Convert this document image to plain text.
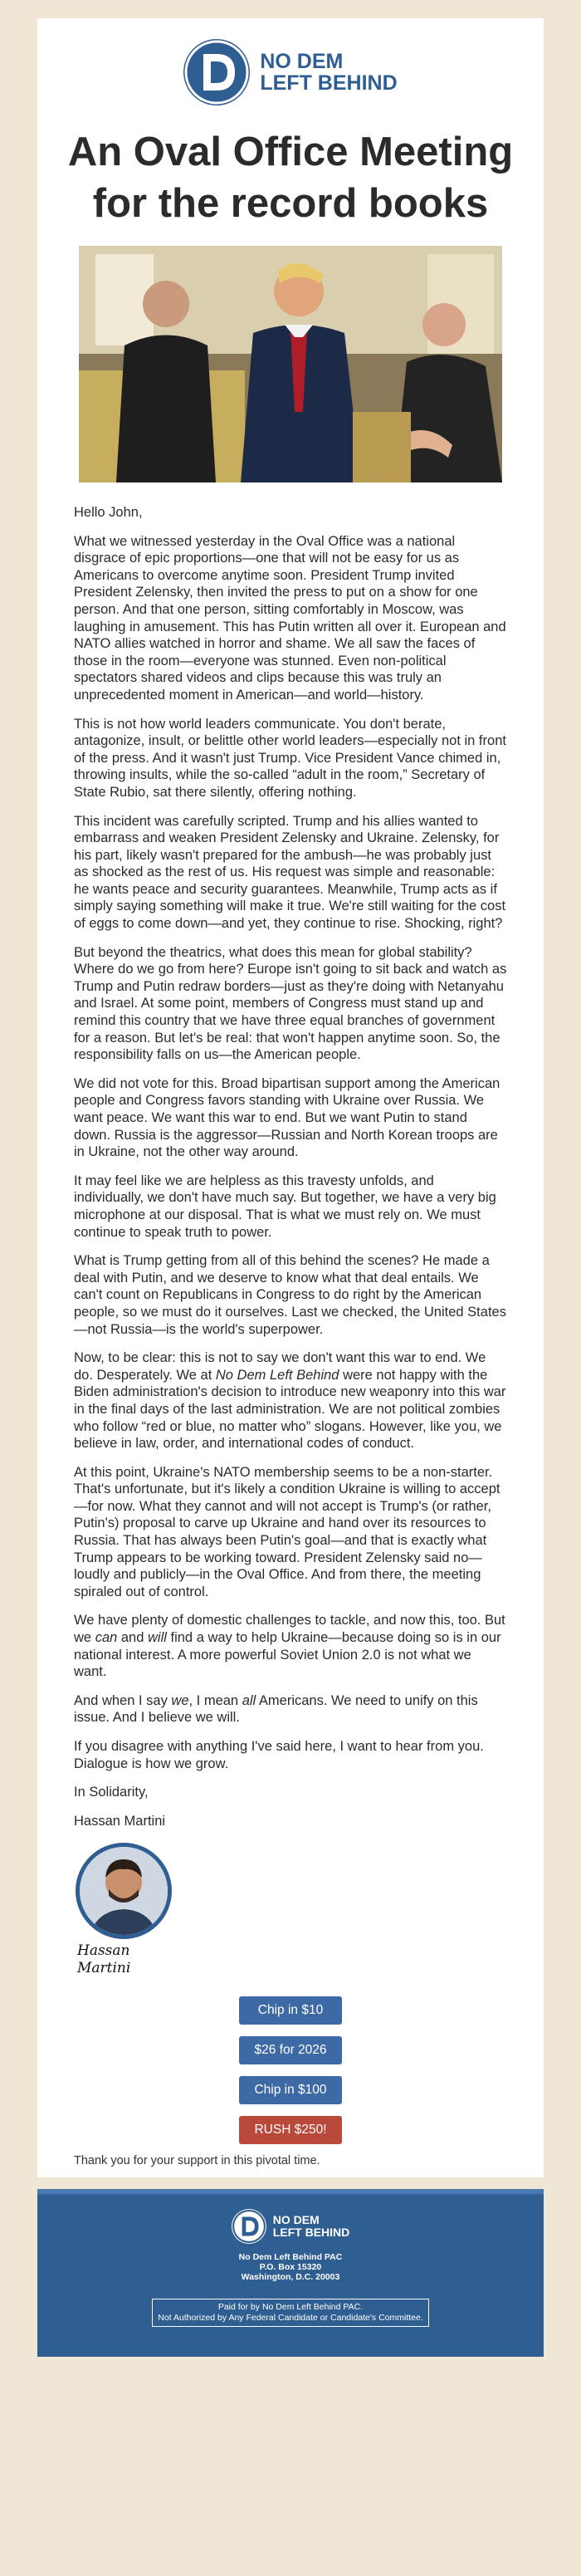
NO DEM
LEFT BEHIND
An Oval Office Meeting for the record books

Hello John,

What we witnessed yesterday in the Oval Office was a national disgrace of epic proportions—one that will not be easy for us as Americans to overcome anytime soon. President Trump invited President Zelensky, then invited the press to put on a show for one person. And that one person, sitting comfortably in Moscow, was laughing in amusement. This has Putin written all over it. European and NATO allies watched in horror and shame. We all saw the faces of those in the room—everyone was stunned. Even non-political spectators shared videos and clips because this was truly an unprecedented moment in American—and world—history.

This is not how world leaders communicate. You don't berate, antagonize, insult, or belittle other world leaders—especially not in front of the press. And it wasn't just Trump. Vice President Vance chimed in, throwing insults, while the so-called “adult in the room,” Secretary of State Rubio, sat there silently, offering nothing.

This incident was carefully scripted. Trump and his allies wanted to embarrass and weaken President Zelensky and Ukraine. Zelensky, for his part, likely wasn't prepared for the ambush—he was probably just as shocked as the rest of us. His request was simple and reasonable: he wants peace and security guarantees. Meanwhile, Trump acts as if simply saying something will make it true. We're still waiting for the cost of eggs to come down—and yet, they continue to rise. Shocking, right?

But beyond the theatrics, what does this mean for global stability? Where do we go from here? Europe isn't going to sit back and watch as Trump and Putin redraw borders—just as they're doing with Netanyahu and Israel. At some point, members of Congress must stand up and remind this country that we have three equal branches of government for a reason. But let's be real: that won't happen anytime soon. So, the responsibility falls on us—the American people.

We did not vote for this. Broad bipartisan support among the American people and Congress favors standing with Ukraine over Russia. We want peace. We want this war to end. But we want Putin to stand down. Russia is the aggressor—Russian and North Korean troops are in Ukraine, not the other way around.

It may feel like we are helpless as this travesty unfolds, and individually, we don't have much say. But together, we have a very big microphone at our disposal. That is what we must rely on. We must continue to speak truth to power.

What is Trump getting from all of this behind the scenes? He made a deal with Putin, and we deserve to know what that deal entails. We can't count on Republicans in Congress to do right by the American people, so we must do it ourselves. Last we checked, the United States—not Russia—is the world's superpower.

Now, to be clear: this is not to say we don't want this war to end. We do. Desperately. We at No Dem Left Behind were not happy with the Biden administration's decision to introduce new weaponry into this war in the final days of the last administration. We are not political zombies who follow “red or blue, no matter who” slogans. However, like you, we believe in law, order, and international codes of conduct.

At this point, Ukraine's NATO membership seems to be a non-starter. That's unfortunate, but it's likely a condition Ukraine is willing to accept—for now. What they cannot and will not accept is Trump's (or rather, Putin's) proposal to carve up Ukraine and hand over its resources to Russia. That has always been Putin's goal—and that is exactly what Trump appears to be working toward. President Zelensky said no—loudly and publicly—in the Oval Office. And from there, the meeting spiraled out of control.

We have plenty of domestic challenges to tackle, and now this, too. But we can and will find a way to help Ukraine—because doing so is in our national interest. A more powerful Soviet Union 2.0 is not what we want.

And when I say we, I mean all Americans. We need to unify on this issue. And I believe we will.

If you disagree with anything I've said here, I want to hear from you. Dialogue is how we grow.

In Solidarity,

Hassan Martini

Hassan Martini
Chip in $10
$26 for 2026
Chip in $100
RUSH $250!

Thank you for your support in this pivotal time.

NO DEM
LEFT BEHIND
No Dem Left Behind PAC
P.O. Box 15320
Washington, D.C. 20003
Paid for by No Dem Left Behind PAC.
Not Authorized by Any Federal Candidate or Candidate's Committee.
